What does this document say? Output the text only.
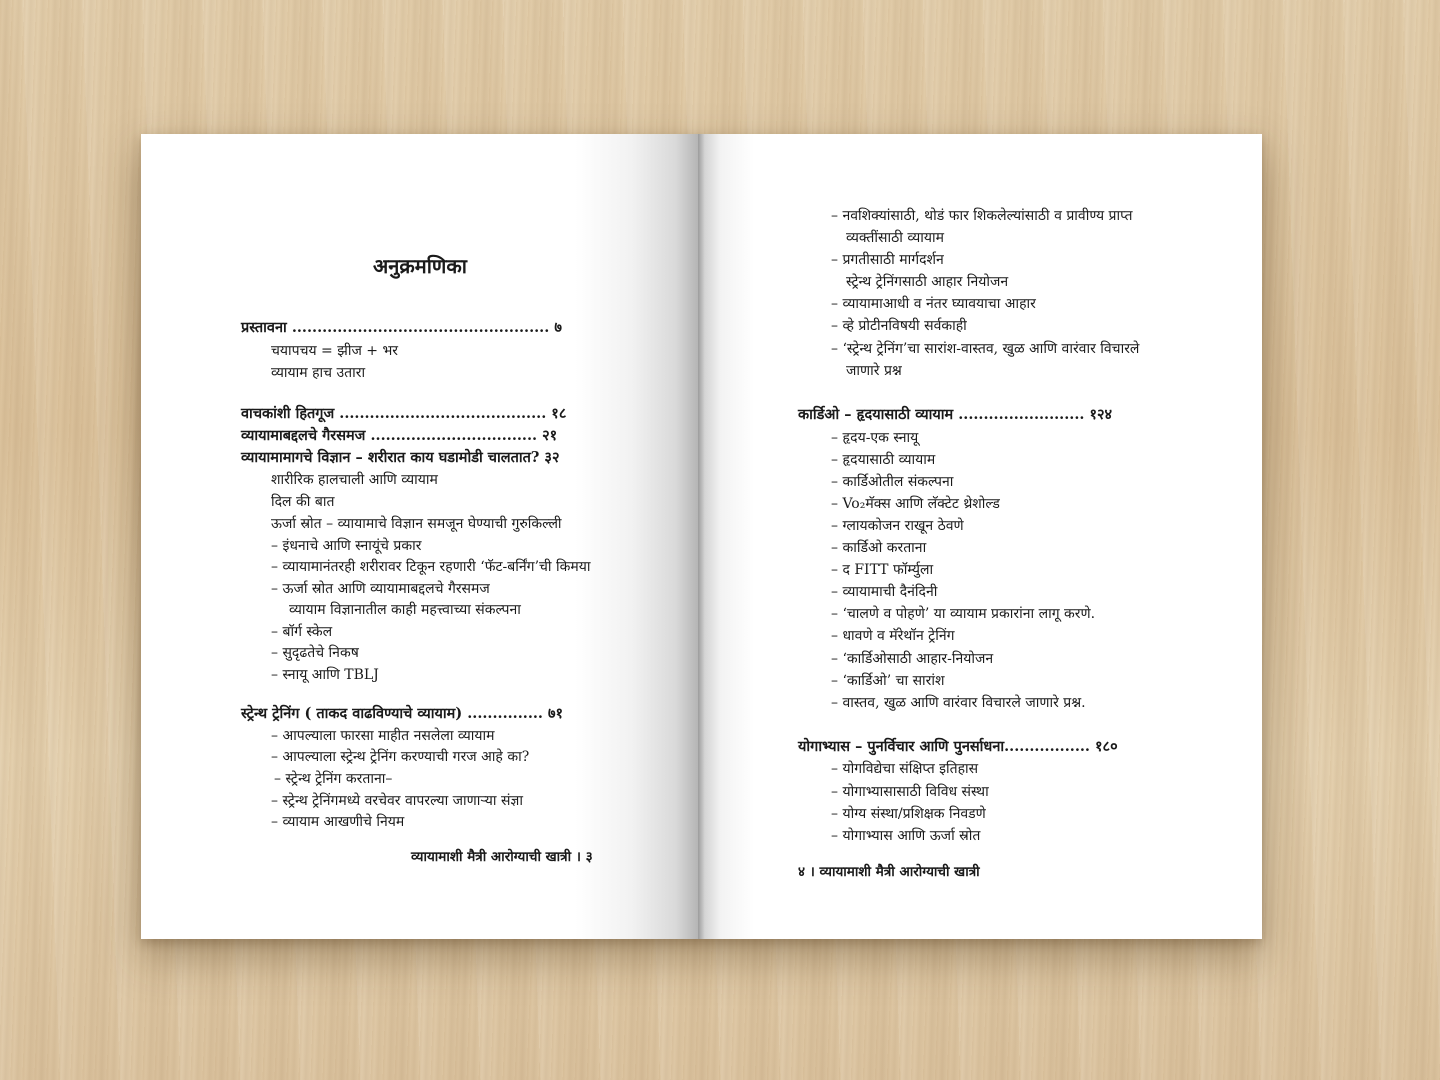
अनुक्रमणिका
प्रस्तावना ................................................... ७
चयापचय = झीज + भर
व्यायाम हाच उतारा
वाचकांशी हितगूज ......................................... १८
व्यायामाबद्दलचे गैरसमज ................................. २१
व्यायामामागचे विज्ञान – शरीरात काय घडामोडी चालतात? ३२
शारीरिक हालचाली आणि व्यायाम
दिल की बात
ऊर्जा स्रोत – व्यायामाचे विज्ञान समजून घेण्याची गुरुकिल्ली
– इंधनाचे आणि स्नायूंचे प्रकार
– व्यायामानंतरही शरीरावर टिकून रहणारी ‘फॅट-बर्निंग’ची किमया
– ऊर्जा स्रोत आणि व्यायामाबद्दलचे गैरसमज
व्यायाम विज्ञानातील काही महत्त्वाच्या संकल्पना
– बॉर्ग स्केल
– सुदृढतेचे निकष
– स्नायू आणि TBLJ
स्ट्रेन्थ ट्रेनिंग ( ताकद वाढविण्याचे व्यायाम) ............... ७१
– आपल्याला फारसा माहीत नसलेला व्यायाम
– आपल्याला स्ट्रेन्थ ट्रेनिंग करण्याची गरज आहे का?
– स्ट्रेन्थ ट्रेनिंग करताना–
– स्ट्रेन्थ ट्रेनिंगमध्ये वरचेवर वापरल्या जाणाऱ्या संज्ञा
– व्यायाम आखणीचे नियम
व्यायामाशी मैत्री आरोग्याची खात्री । ३
– नवशिक्यांसाठी, थोडं फार शिकलेल्यांसाठी व प्रावीण्य प्राप्त
व्यक्तींसाठी व्यायाम
– प्रगतीसाठी मार्गदर्शन
स्ट्रेन्थ ट्रेनिंगसाठी आहार नियोजन
– व्यायामाआधी व नंतर घ्यावयाचा आहार
– व्हे प्रोटीनविषयी सर्वकाही
– ‘स्ट्रेन्थ ट्रेनिंग’चा सारांश-वास्तव, खुळ आणि वारंवार विचारले
जाणारे प्रश्न
कार्डिओ – हृदयासाठी व्यायाम ......................... १२४
– हृदय-एक स्नायू
– हृदयासाठी व्यायाम
– कार्डिओतील संकल्पना
– Vo₂मॅक्स आणि लॅक्टेट थ्रेशोल्ड
– ग्लायकोजन राखून ठेवणे
– कार्डिओ करताना
– द FITT फॉर्म्युला
– व्यायामाची दैनंदिनी
– ‘चालणे व पोहणे’ या व्यायाम प्रकारांना लागू करणे.
– धावणे व मॅरेथॉन ट्रेनिंग
– ‘कार्डिओसाठी आहार-नियोजन
– ‘कार्डिओ’ चा सारांश
– वास्तव, खुळ आणि वारंवार विचारले जाणारे प्रश्न.
योगाभ्यास – पुनर्विचार आणि पुनर्साधना................. १८०
– योगविद्येचा संक्षिप्त इतिहास
– योगाभ्यासासाठी विविध संस्था
– योग्य संस्था/प्रशिक्षक निवडणे
– योगाभ्यास आणि ऊर्जा स्रोत
४ । व्यायामाशी मैत्री आरोग्याची खात्री
